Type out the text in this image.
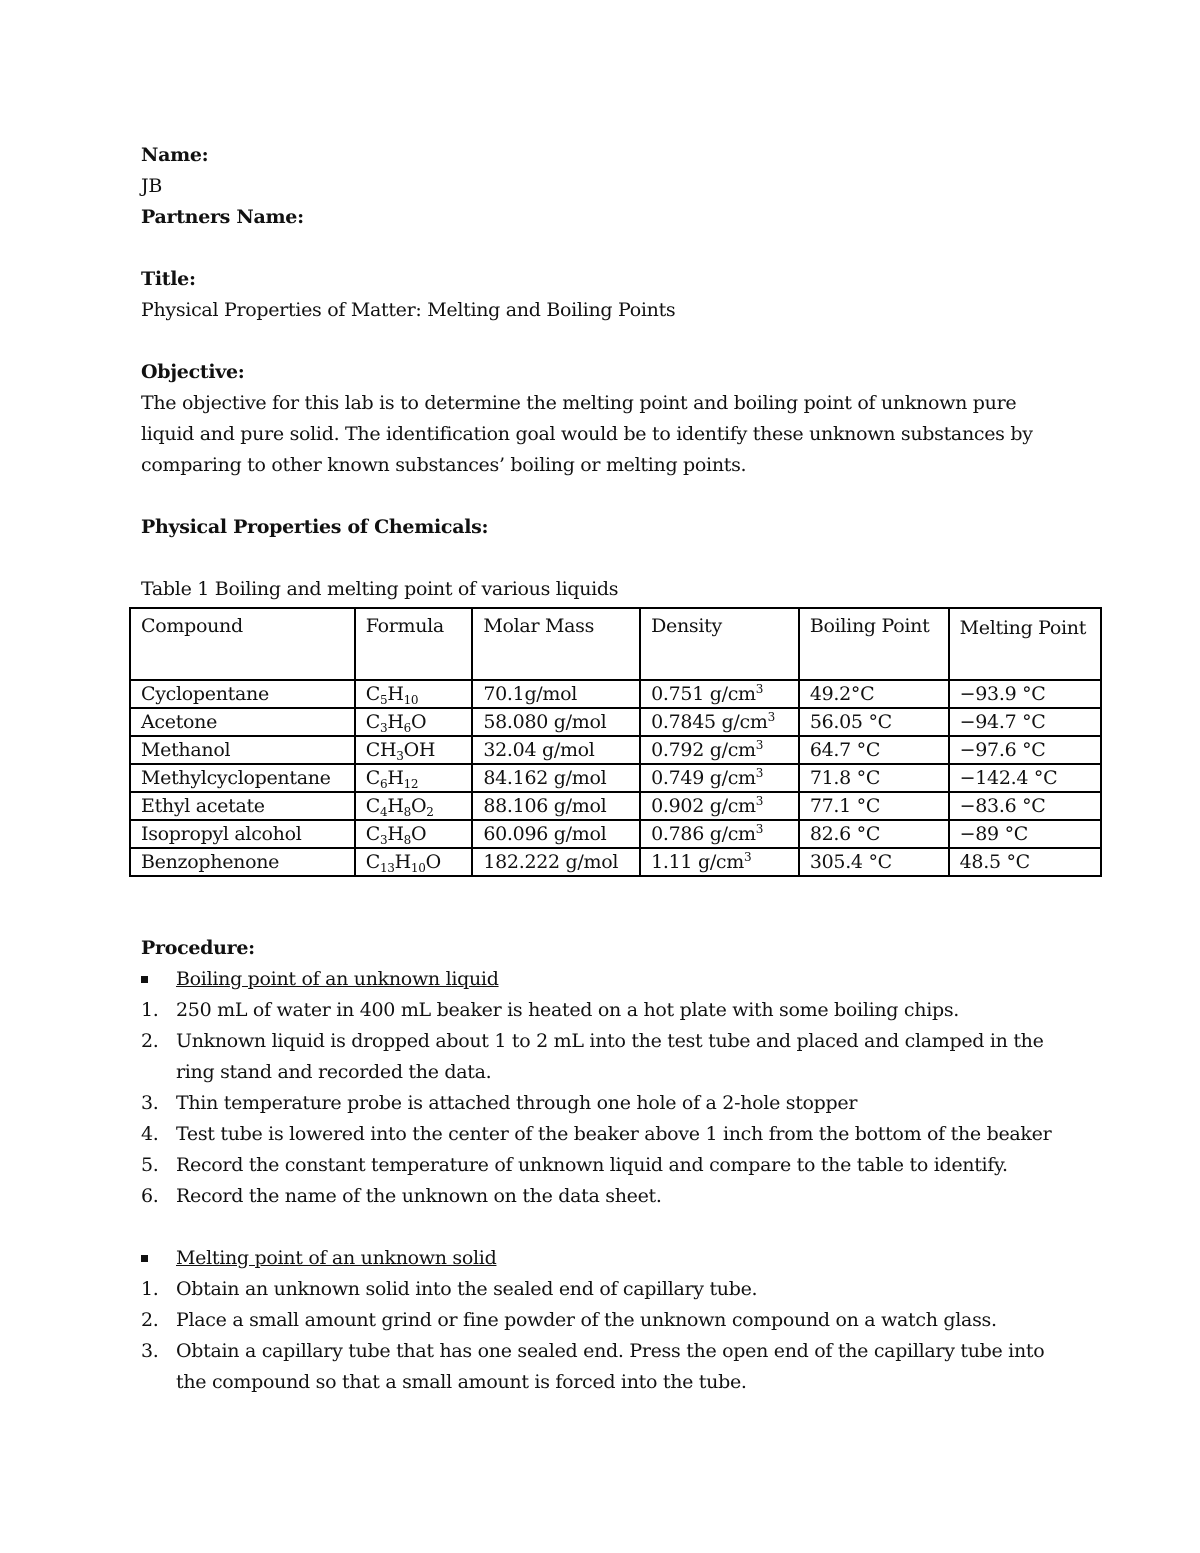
Name:
JB
Partners Name:
Title:
Physical Properties of Matter: Melting and Boiling Points
Objective:
The objective for this lab is to determine the melting point and boiling point of unknown pure
liquid and pure solid. The identification goal would be to identify these unknown substances by
comparing to other known substances’ boiling or melting points.
Physical Properties of Chemicals:
Table 1 Boiling and melting point of various liquids
Compound	Formula	Molar Mass	Density	Boiling Point	Melting Point
Cyclopentane	$C_5H_{10}$	70.1g/mol	0.751 $g/cm^3$	49.2°C	−93.9 °C
Acetone	$C_3H_6O$	58.080 g/mol	0.7845 $g/cm^3$	56.05 °C	−94.7 °C
Methanol	$CH_3OH$	32.04 g/mol	0.792 $g/cm^3$	64.7 °C	−97.6 °C
Methylcyclopentane	$C_6H_{12}$	84.162 g/mol	0.749 $g/cm^3$	71.8 °C	−142.4 °C
Ethyl acetate	$C_4H_8O_2$	88.106 g/mol	0.902 $g/cm^3$	77.1 °C	−83.6 °C
Isopropyl alcohol	$C_3H_8O$	60.096 g/mol	0.786 $g/cm^3$	82.6 °C	−89 °C
Benzophenone	$C_{13}H_{10}O$	182.222 g/mol	1.11 $g/cm^3$	305.4 °C	48.5 °C
Procedure:
Boiling point of an unknown liquid
1. 250 mL of water in 400 mL beaker is heated on a hot plate with some boiling chips.
2. Unknown liquid is dropped about 1 to 2 mL into the test tube and placed and clamped in the
ring stand and recorded the data.
3. Thin temperature probe is attached through one hole of a 2-hole stopper
4. Test tube is lowered into the center of the beaker above 1 inch from the bottom of the beaker
5. Record the constant temperature of unknown liquid and compare to the table to identify.
6. Record the name of the unknown on the data sheet.
Melting point of an unknown solid
1. Obtain an unknown solid into the sealed end of capillary tube.
2. Place a small amount grind or fine powder of the unknown compound on a watch glass.
3. Obtain a capillary tube that has one sealed end. Press the open end of the capillary tube into
the compound so that a small amount is forced into the tube.
